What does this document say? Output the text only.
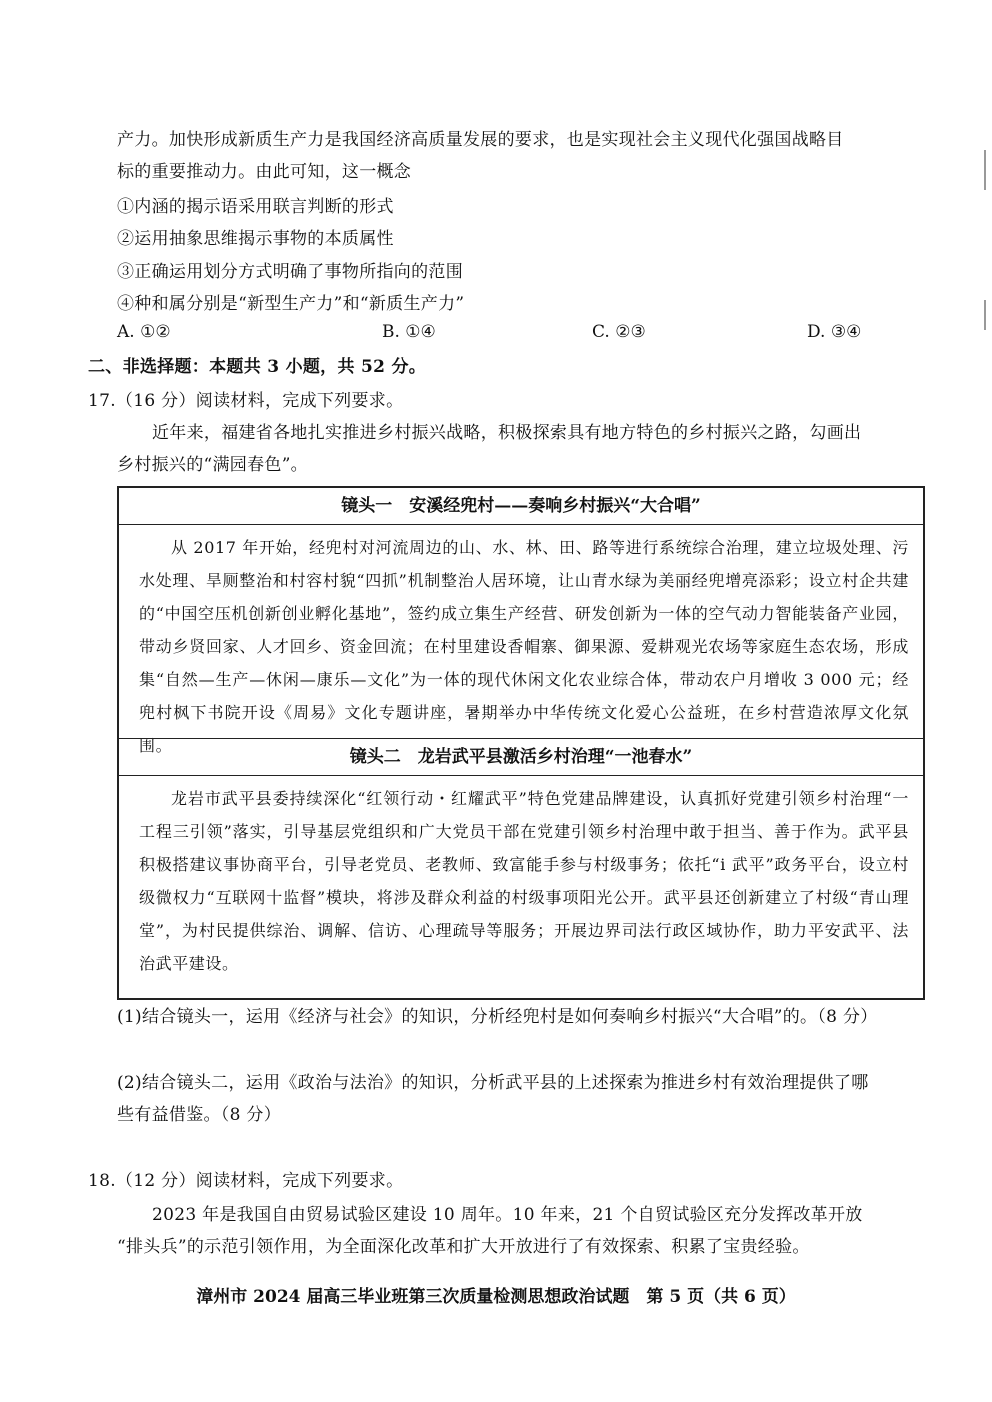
产力。加快形成新质生产力是我国经济高质量发展的要求，也是实现社会主义现代化强国战略目
标的重要推动力。由此可知，这一概念
①内涵的揭示语采用联言判断的形式
②运用抽象思维揭示事物的本质属性
③正确运用划分方式明确了事物所指向的范围
④种和属分别是“新型生产力”和“新质生产力”
A. ①②	B. ①④	C. ②③	D. ③④
二、非选择题：本题共 3 小题，共 52 分。
17.（16 分）阅读材料，完成下列要求。
近年来，福建省各地扎实推进乡村振兴战略，积极探索具有地方特色的乡村振兴之路，勾画出
乡村振兴的“满园春色”。
镜头一　安溪经兜村——奏响乡村振兴“大合唱”
从 2017 年开始，经兜村对河流周边的山、水、林、田、路等进行系统综合治理，建立垃圾处理、污水处理、旱厕整治和村容村貌“四抓”机制整治人居环境，让山青水绿为美丽经兜增亮添彩；设立村企共建的“中国空压机创新创业孵化基地”，签约成立集生产经营、研发创新为一体的空气动力智能装备产业园，带动乡贤回家、人才回乡、资金回流；在村里建设香帽寨、御果源、爱耕观光农场等家庭生态农场，形成集“自然—生产—休闲—康乐—文化”为一体的现代休闲文化农业综合体，带动农户月增收 3 000 元；经兜村枫下书院开设《周易》文化专题讲座，暑期举办中华传统文化爱心公益班，在乡村营造浓厚文化氛围。
镜头二　龙岩武平县激活乡村治理“一池春水”
龙岩市武平县委持续深化“红领行动・红耀武平”特色党建品牌建设，认真抓好党建引领乡村治理“一工程三引领”落实，引导基层党组织和广大党员干部在党建引领乡村治理中敢于担当、善于作为。武平县积极搭建议事协商平台，引导老党员、老教师、致富能手参与村级事务；依托“i 武平”政务平台，设立村级微权力“互联网十监督”模块，将涉及群众利益的村级事项阳光公开。武平县还创新建立了村级“青山理堂”，为村民提供综治、调解、信访、心理疏导等服务；开展边界司法行政区域协作，助力平安武平、法治武平建设。
(1)结合镜头一，运用《经济与社会》的知识，分析经兜村是如何奏响乡村振兴“大合唱”的。（8 分）
(2)结合镜头二，运用《政治与法治》的知识，分析武平县的上述探索为推进乡村有效治理提供了哪
些有益借鉴。（8 分）
18.（12 分）阅读材料，完成下列要求。
2023 年是我国自由贸易试验区建设 10 周年。10 年来，21 个自贸试验区充分发挥改革开放
“排头兵”的示范引领作用，为全面深化改革和扩大开放进行了有效探索、积累了宝贵经验。
漳州市 2024 届高三毕业班第三次质量检测思想政治试题　第 5 页（共 6 页）
